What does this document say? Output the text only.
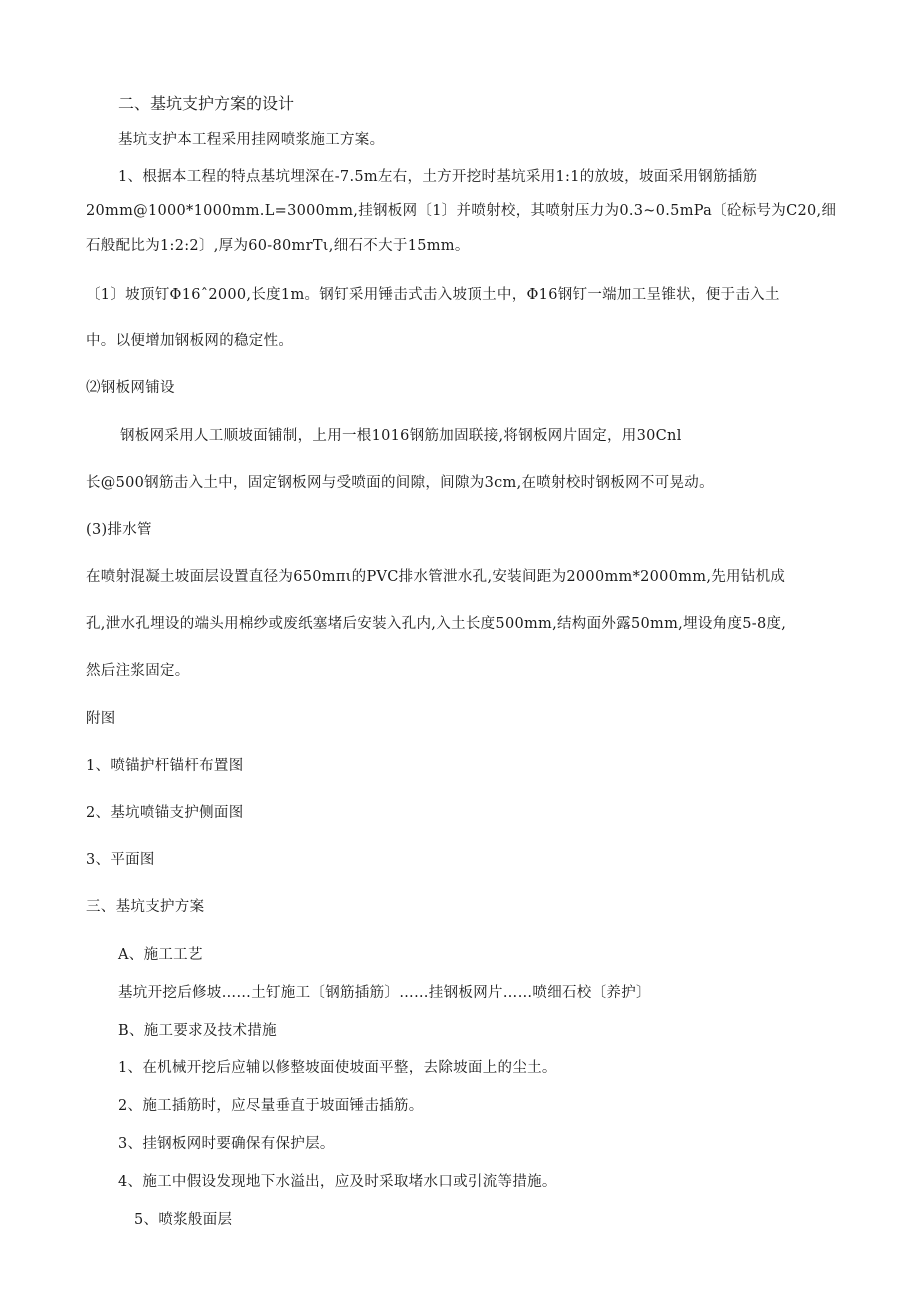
二、基坑支护方案的设计
基坑支护本工程采用挂网喷浆施工方案。
1、根据本工程的特点基坑埋深在-7.5m左右，土方开挖时基坑采用1:1的放坡，坡面采用钢筋插筋
20mm@1000*1000mm.L=3000mm,挂钢板网〔1〕并喷射校，其喷射压力为0.3~0.5mPa〔砼标号为C20,细
石般配比为1:2:2〕,厚为60-80mrTι,细石不大于15mm。
〔1〕坡顶钉Φ16ˆ2000,长度1m。钢钉采用锤击式击入坡顶土中，Φ16钢钉一端加工呈锥状，便于击入土
中。以便增加钢板网的稳定性。
⑵钢板网铺设
钢板网采用人工顺坡面铺制，上用一根1016钢筋加固联接,将钢板网片固定，用30Cnl
长@500钢筋击入土中，固定钢板网与受喷面的间隙，间隙为3cm,在喷射校时钢板网不可晃动。
(3)排水管
在喷射混凝土坡面层设置直径为650mπι的PVC排水管泄水孔,安装间距为2000mm*2000mm,先用钻机成
孔,泄水孔埋设的端头用棉纱或废纸塞堵后安装入孔内,入土长度500mm,结构面外露50mm,埋设角度5-8度,
然后注浆固定。
附图
1、喷锚护杆锚杆布置图
2、基坑喷锚支护侧面图
3、平面图
三、基坑支护方案
A、施工工艺
基坑开挖后修坡……土钉施工〔钢筋插筋〕……挂钢板网片……喷细石校〔养护〕
B、施工要求及技术措施
1、在机械开挖后应辅以修整坡面使坡面平整，去除坡面上的尘土。
2、施工插筋时，应尽量垂直于坡面锤击插筋。
3、挂钢板网时要确保有保护层。
4、施工中假设发现地下水溢出，应及时采取堵水口或引流等措施。
5、喷浆般面层
